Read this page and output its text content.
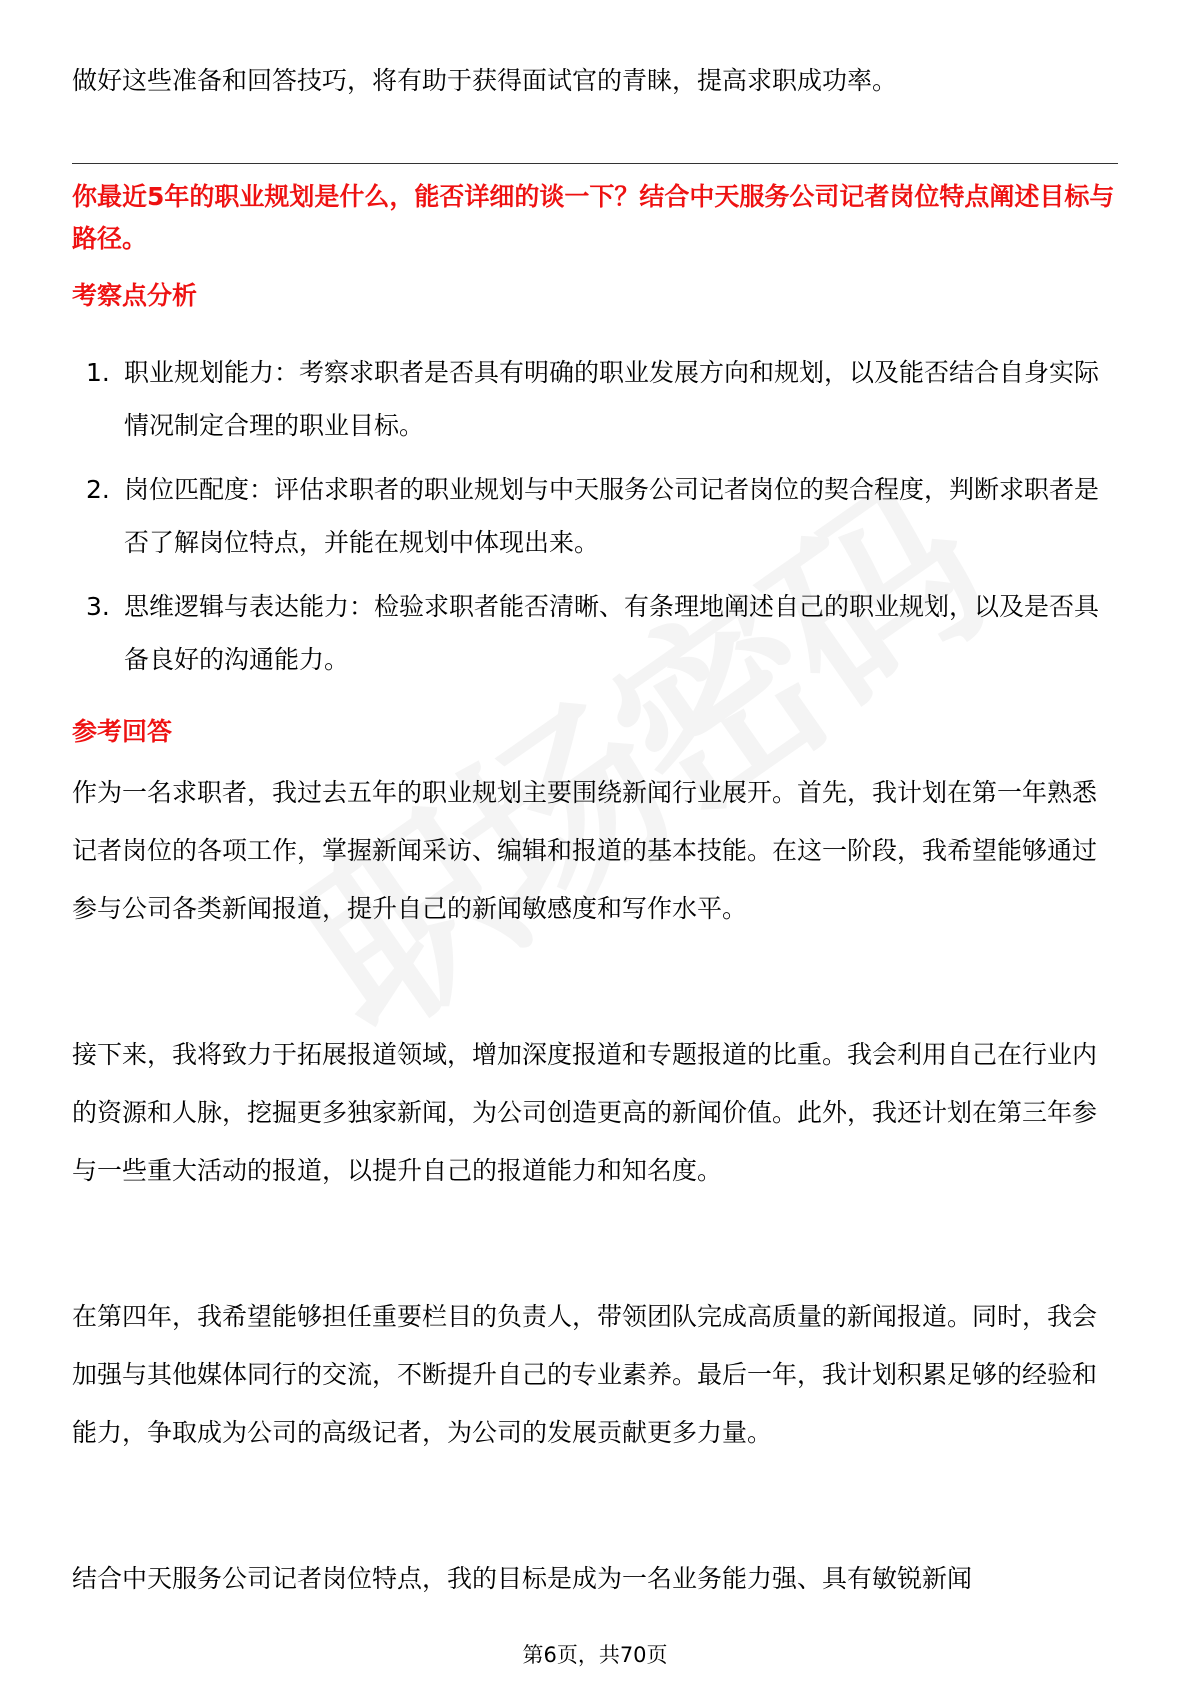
做好这些准备和回答技巧，将有助于获得面试官的青睐，提高求职成功率。

你最近5年的职业规划是什么，能否详细的谈一下？结合中天服务公司记者岗位特点阐述目标与路径。

考察点分析

1. 职业规划能力：考察求职者是否具有明确的职业发展方向和规划，以及能否结合自身实际情况制定合理的职业目标。
2. 岗位匹配度：评估求职者的职业规划与中天服务公司记者岗位的契合程度，判断求职者是否了解岗位特点，并能在规划中体现出来。
3. 思维逻辑与表达能力：检验求职者能否清晰、有条理地阐述自己的职业规划，以及是否具备良好的沟通能力。

参考回答

作为一名求职者，我过去五年的职业规划主要围绕新闻行业展开。首先，我计划在第一年熟悉记者岗位的各项工作，掌握新闻采访、编辑和报道的基本技能。在这一阶段，我希望能够通过参与公司各类新闻报道，提升自己的新闻敏感度和写作水平。

接下来，我将致力于拓展报道领域，增加深度报道和专题报道的比重。我会利用自己在行业内的资源和人脉，挖掘更多独家新闻，为公司创造更高的新闻价值。此外，我还计划在第三年参与一些重大活动的报道，以提升自己的报道能力和知名度。

在第四年，我希望能够担任重要栏目的负责人，带领团队完成高质量的新闻报道。同时，我会加强与其他媒体同行的交流，不断提升自己的专业素养。最后一年，我计划积累足够的经验和能力，争取成为公司的高级记者，为公司的发展贡献更多力量。

结合中天服务公司记者岗位特点，我的目标是成为一名业务能力强、具有敏锐新闻

第6页，共70页
